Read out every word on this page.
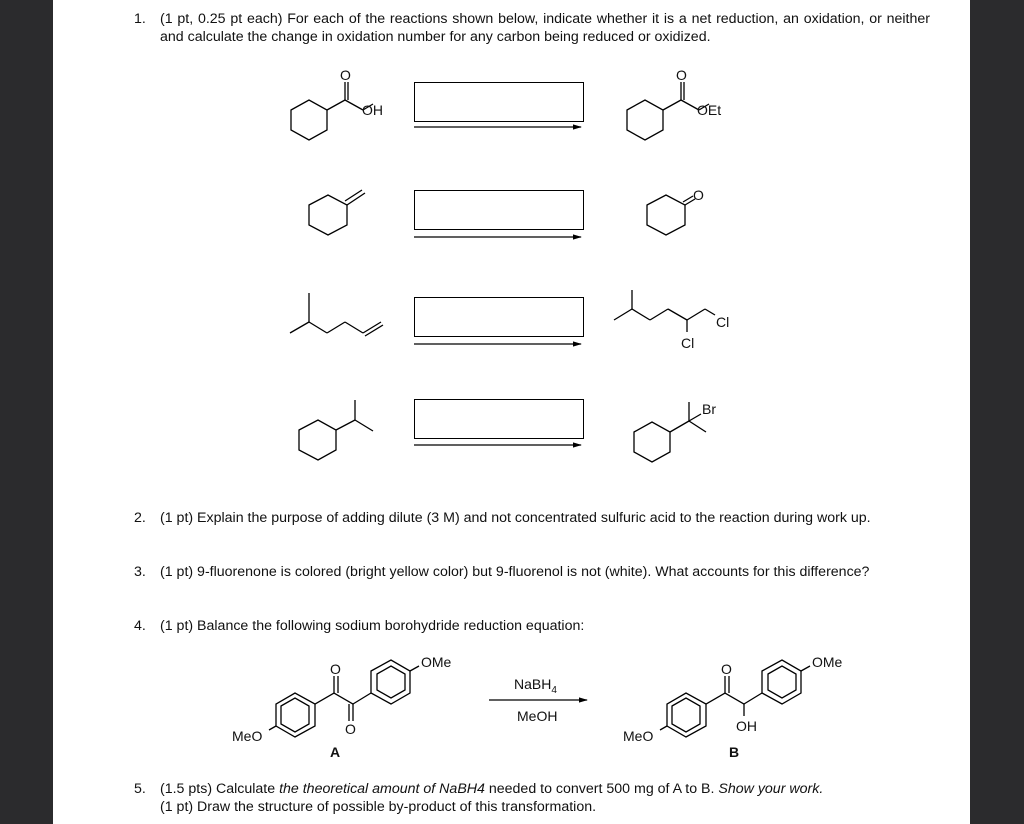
1. (1 pt, 0.25 pt each) For each of the reactions shown below, indicate whether it is a net reduction, an oxidation, or neither and calculate the change in oxidation number for any carbon being reduced or oxidized.
O
OH
O
OEt
O
Cl
Cl
Br
O
O
OMe
MeO
A
NaBH$_4$
MeOH
O
OH
OMe
MeO
B
2. (1 pt) Explain the purpose of adding dilute (3 M) and not concentrated sulfuric acid to the reaction during work up.
3. (1 pt) 9-fluorenone is colored (bright yellow color) but 9-fluorenol is not (white). What accounts for this difference?
4. (1 pt) Balance the following sodium borohydride reduction equation:
5. (1.5 pts) Calculate the theoretical amount of NaBH4 needed to convert 500 mg of A to B. Show your work.
(1 pt) Draw the structure of possible by-product of this transformation.
